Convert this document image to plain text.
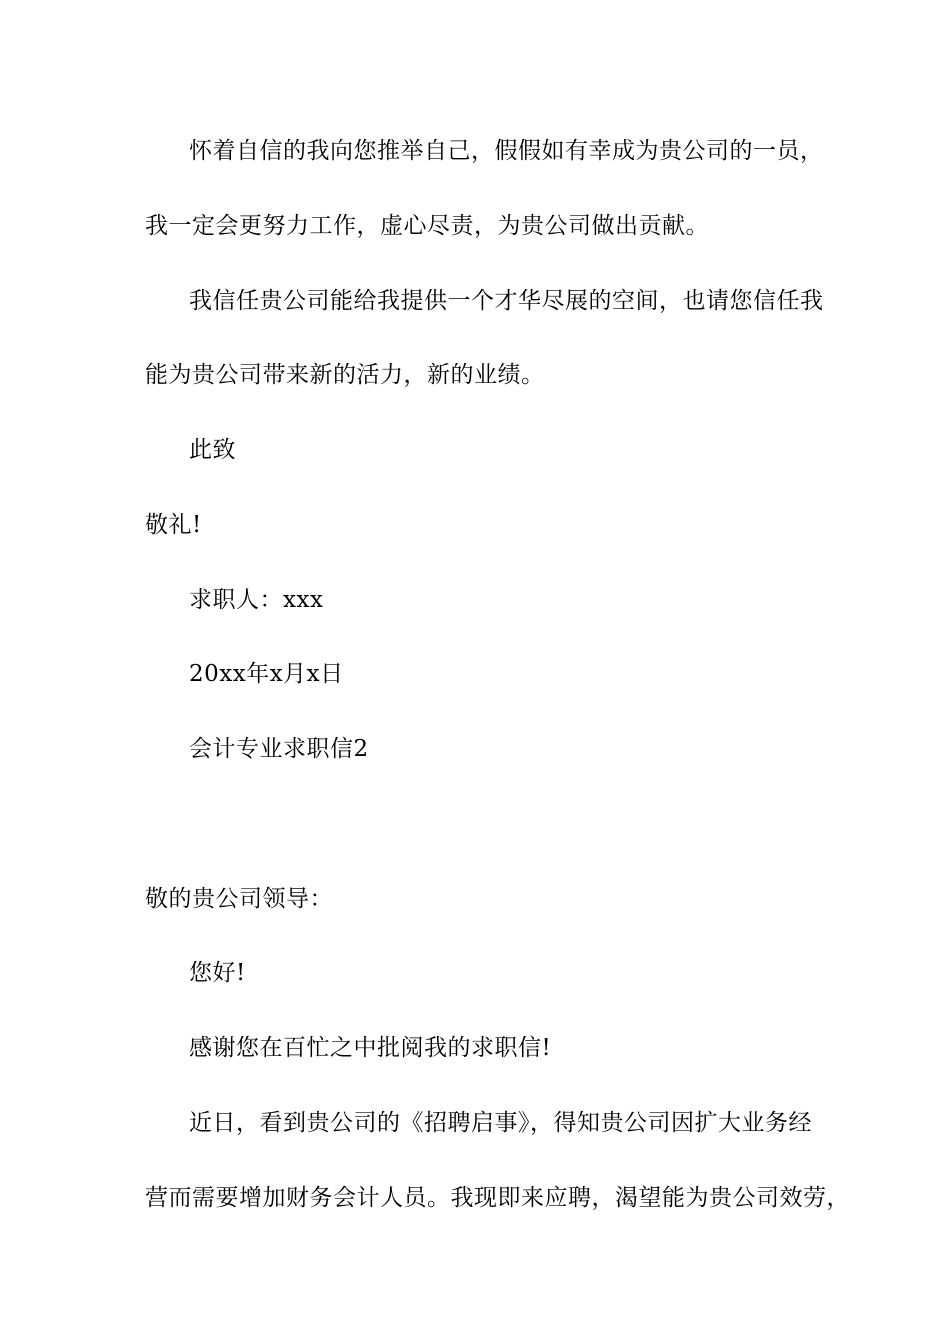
怀着自信的我向您推举自己，假假如有幸成为贵公司的一员，
我一定会更努力工作，虚心尽责，为贵公司做出贡献。
我信任贵公司能给我提供一个才华尽展的空间，也请您信任我
能为贵公司带来新的活力，新的业绩。
此致
敬礼!
求职人：xxx
20xx年x月x日
会计专业求职信2
敬的贵公司领导：
您好!
感谢您在百忙之中批阅我的求职信!
近日，看到贵公司的《招聘启事》，得知贵公司因扩大业务经
营而需要增加财务会计人员。我现即来应聘，渴望能为贵公司效劳，
